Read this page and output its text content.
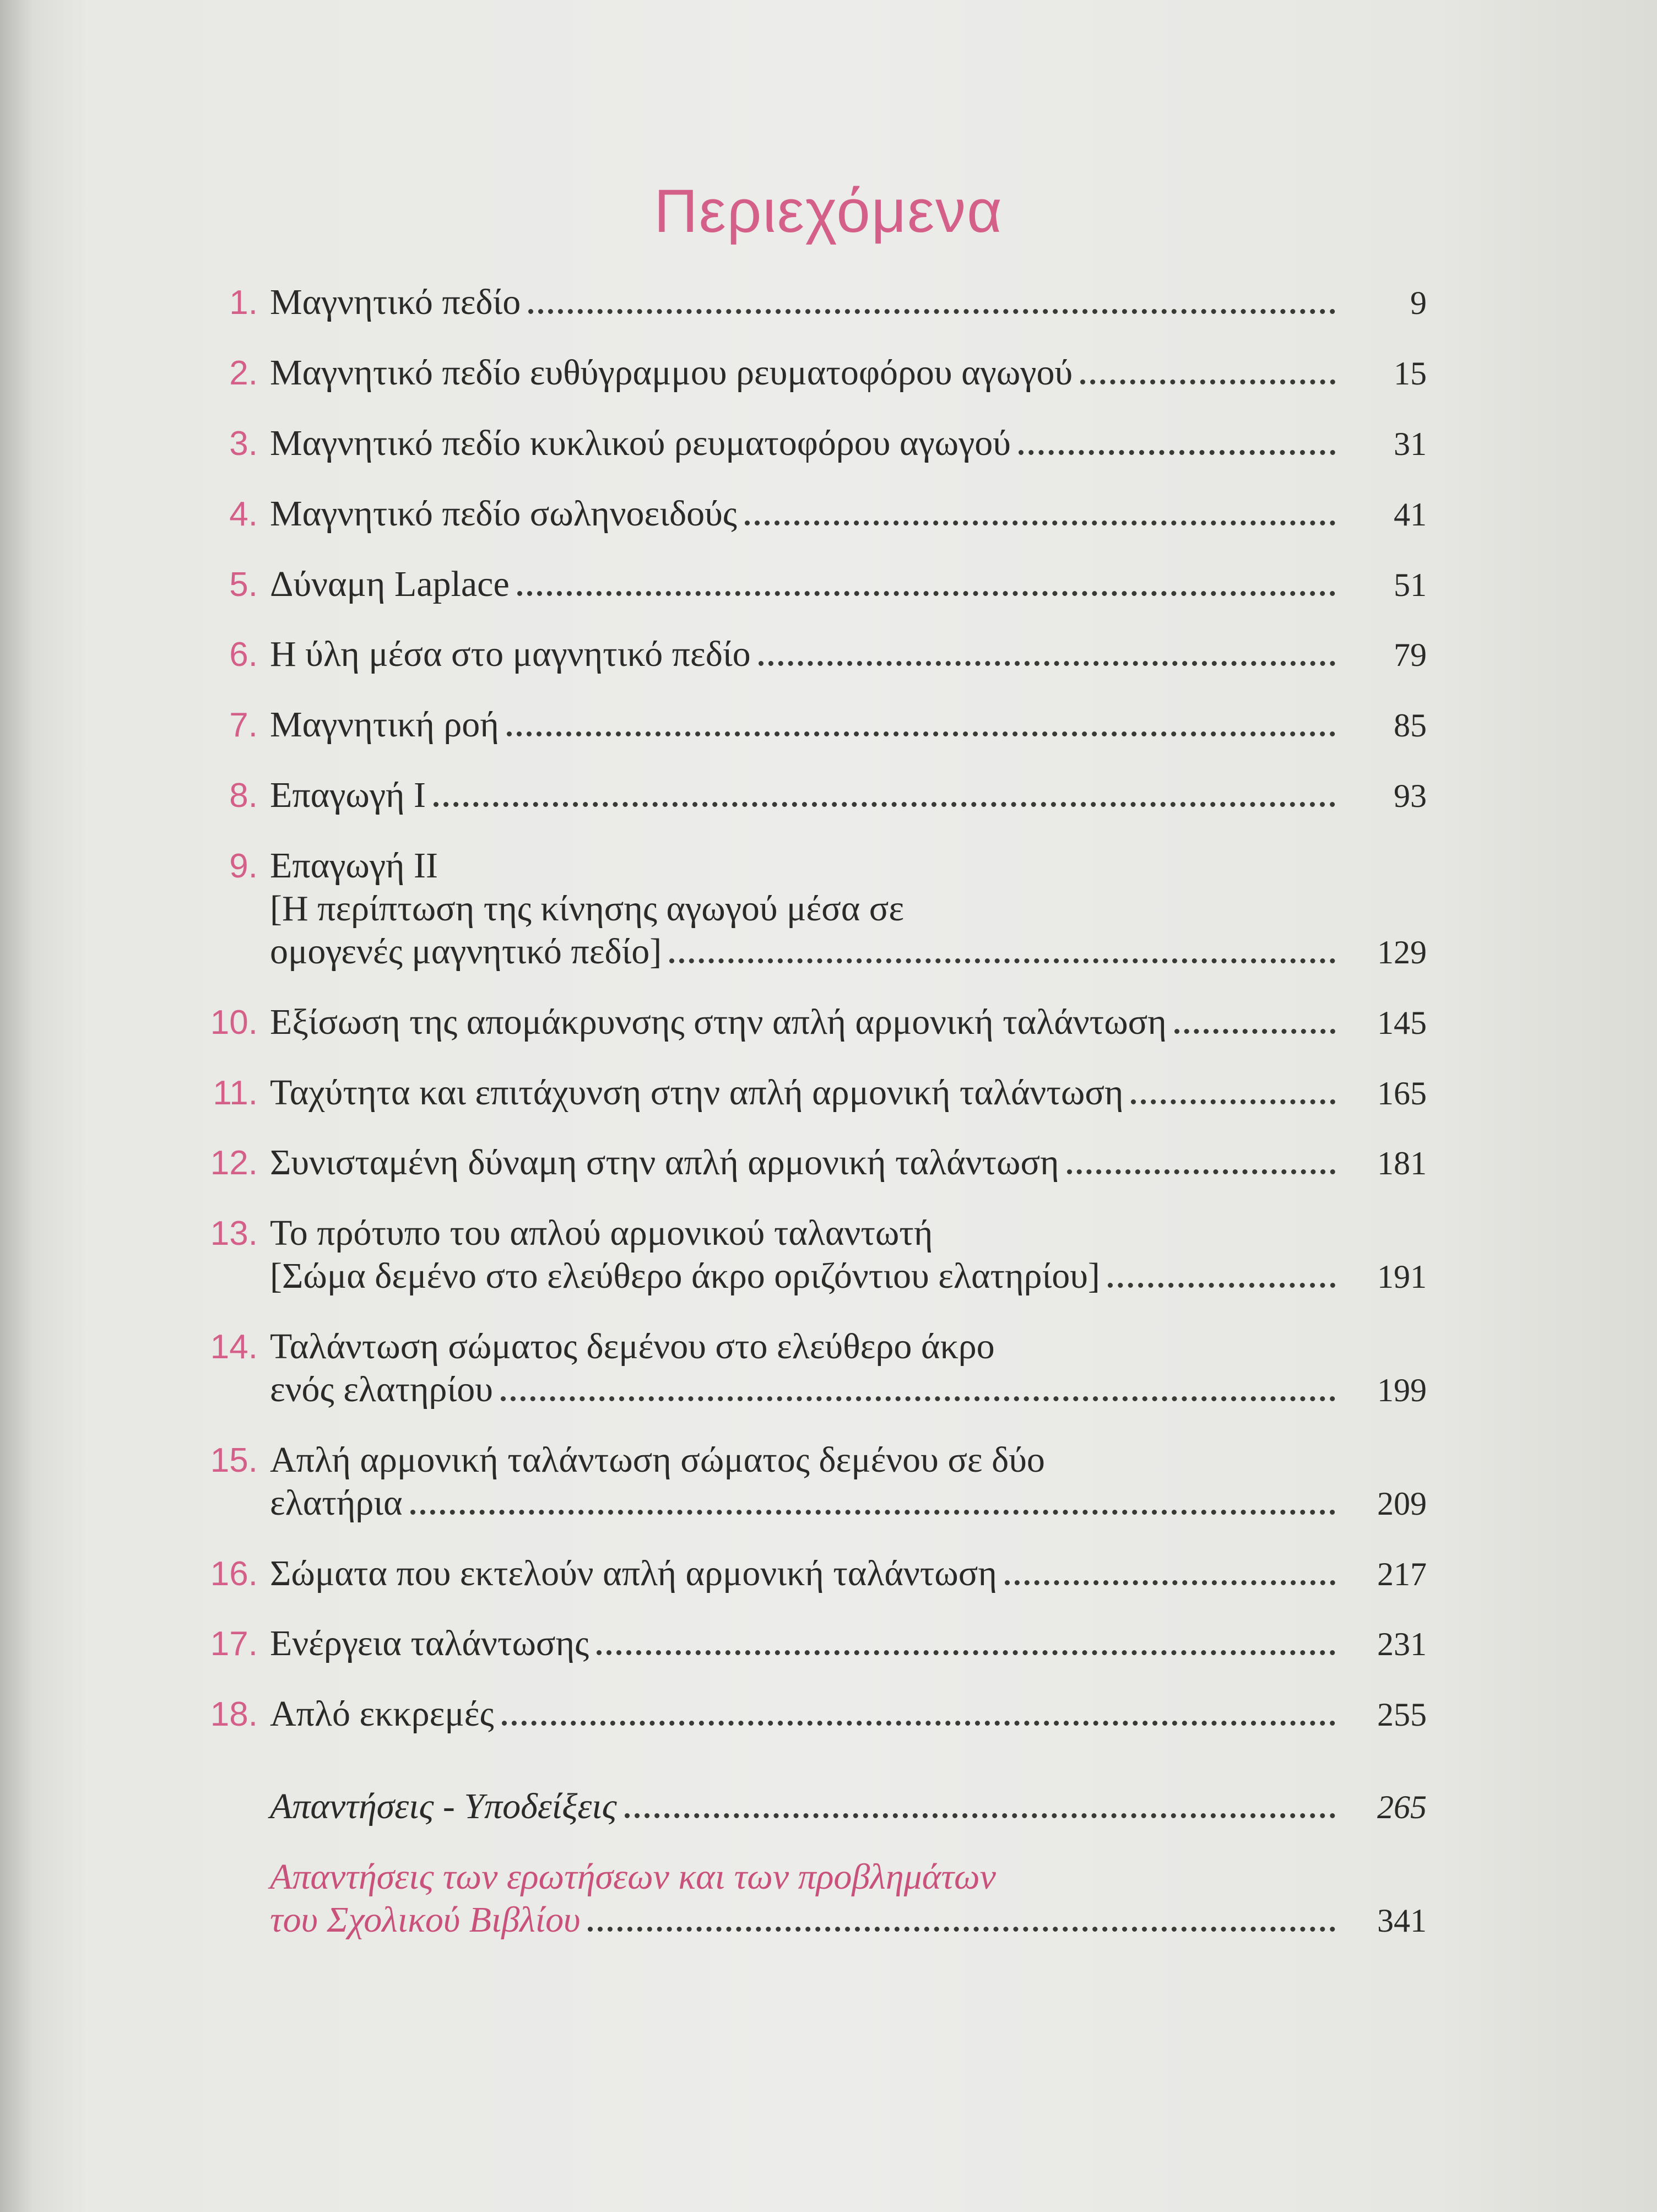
Περιεχόμενα
1. Μαγνητικό πεδίο	9
2. Μαγνητικό πεδίο ευθύγραμμου ρευματοφόρου αγωγού	15
3. Μαγνητικό πεδίο κυκλικού ρευματοφόρου αγωγού	31
4. Μαγνητικό πεδίο σωληνοειδούς	41
5. Δύναμη Laplace	51
6. Η ύλη μέσα στο μαγνητικό πεδίο	79
7. Μαγνητική ροή	85
8. Επαγωγή Ι	93
9. Επαγωγή ΙΙ
[Η περίπτωση της κίνησης αγωγού μέσα σε
ομογενές μαγνητικό πεδίο]	129
10. Εξίσωση της απομάκρυνσης στην απλή αρμονική ταλάντωση	145
11. Ταχύτητα και επιτάχυνση στην απλή αρμονική ταλάντωση	165
12. Συνισταμένη δύναμη στην απλή αρμονική ταλάντωση	181
13. Το πρότυπο του απλού αρμονικού ταλαντωτή
[Σώμα δεμένο στο ελεύθερο άκρο οριζόντιου ελατηρίου]	191
14. Ταλάντωση σώματος δεμένου στο ελεύθερο άκρο
ενός ελατηρίου	199
15. Απλή αρμονική ταλάντωση σώματος δεμένου σε δύο
ελατήρια	209
16. Σώματα που εκτελούν απλή αρμονική ταλάντωση	217
17. Ενέργεια ταλάντωσης	231
18. Απλό εκκρεμές	255
Απαντήσεις - Υποδείξεις	265
Απαντήσεις των ερωτήσεων και των προβλημάτων
του Σχολικού Βιβλίου	341
